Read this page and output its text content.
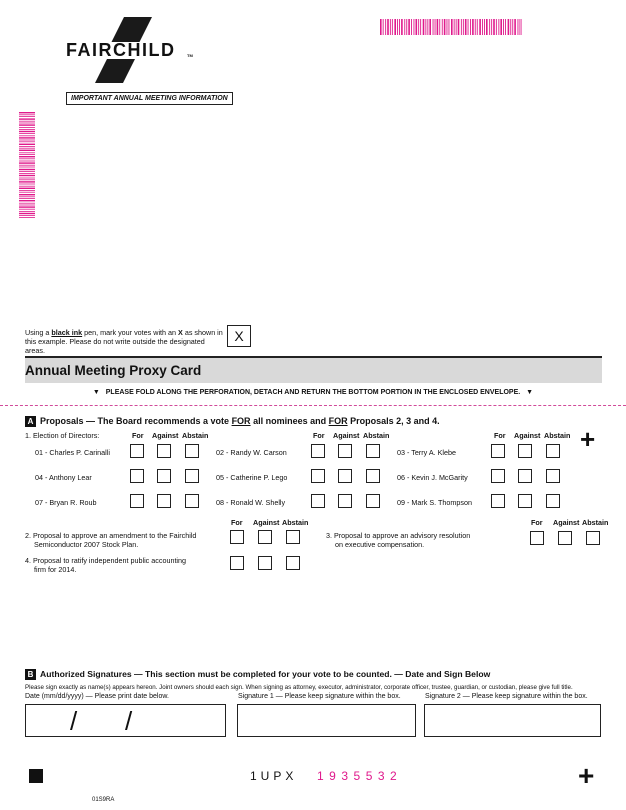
FAIRCHILD	TM
IMPORTANT ANNUAL MEETING INFORMATION
Using a black ink pen, mark your votes with an X as shown in
this example. Please do not write outside the designated areas.
X
Annual Meeting Proxy Card
▼ PLEASE FOLD ALONG THE PERFORATION, DETACH AND RETURN THE BOTTOM PORTION IN THE ENCLOSED ENVELOPE. ▼
A Proposals — The Board recommends a vote FOR all nominees and FOR Proposals 2, 3 and 4.
1. Election of Directors:	For Against Abstain	For Against Abstain	For Against Abstain +
01 - Charles P. Carinalli	02 - Randy W. Carson	03 - Terry A. Klebe
04 - Anthony Lear	05 - Catherine P. Lego	06 - Kevin J. McGarity
07 - Bryan R. Roub	08 - Ronald W. Shelly	09 - Mark S. Thompson
For Against Abstain	For Against Abstain
2. Proposal to approve an amendment to the Fairchild
Semiconductor 2007 Stock Plan.
3. Proposal to approve an advisory resolution
on executive compensation.
4. Proposal to ratify independent public accounting
firm for 2014.
B Authorized Signatures — This section must be completed for your vote to be counted. — Date and Sign Below
Please sign exactly as name(s) appears hereon. Joint owners should each sign. When signing as attorney, executor, administrator, corporate officer, trustee, guardian, or custodian, please give full title.
Date (mm/dd/yyyy) — Please print date below.	Signature 1 — Please keep signature within the box.	Signature 2 — Please keep signature within the box.
/ /
1UPX 1935532	+
01S9RA
